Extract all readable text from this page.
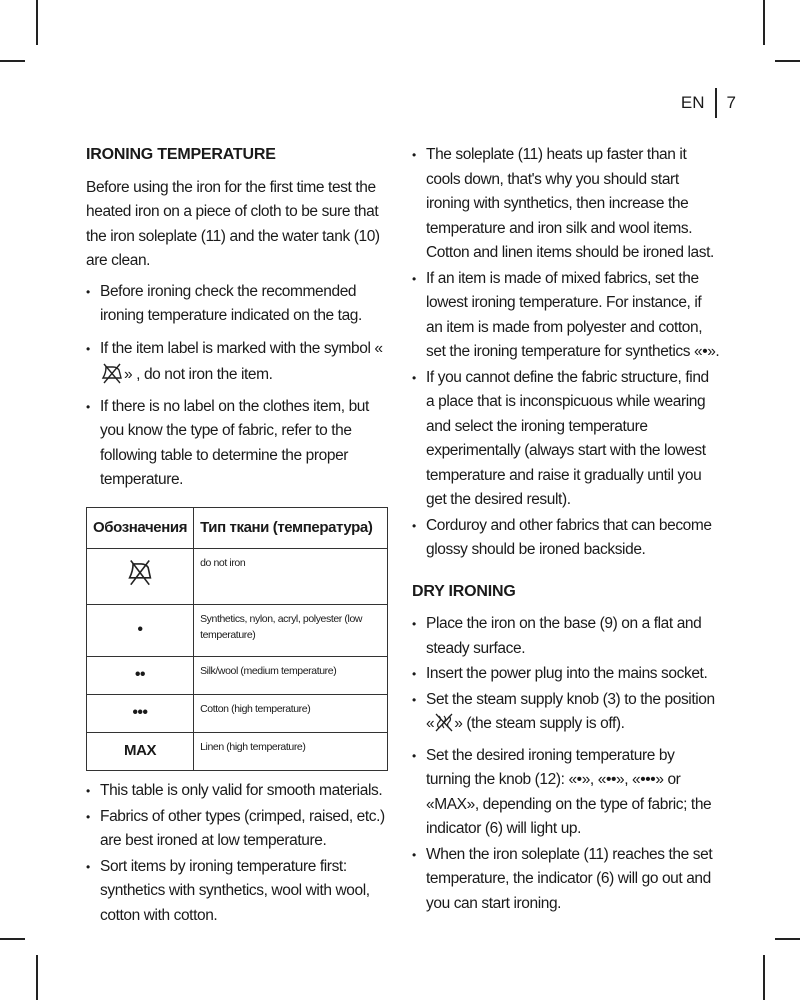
EN 7
IRONING TEMPERATURE

Before using the iron for the first time test the heated iron on a piece of cloth to be sure that the iron soleplate (11) and the water tank (10) are clean.

• Before ironing check the recommended ironing temperature indicated on the tag.
• If the item label is marked with the symbol «» , do not iron the item.
• If there is no label on the clothes item, but you know the type of fabric, refer to the following table to determine the proper temperature.
Обозначения	Тип ткани (температура)
	do not iron
•	Synthetics, nylon, acryl, polyester (low temperature)
••	Silk/wool (medium temperature)
•••	Cotton (high temperature)
MAX	Linen (high temperature)
• This table is only valid for smooth materials.
• Fabrics of other types (crimped, raised, etc.) are best ironed at low temperature.
• Sort items by ironing temperature first: synthetics with synthetics, wool with wool, cotton with cotton.
• The soleplate (11) heats up faster than it cools down, that's why you should start ironing with synthetics, then increase the temperature and iron silk and wool items. Cotton and linen items should be ironed last.
• If an item is made of mixed fabrics, set the lowest ironing temperature. For instance, if an item is made from polyester and cotton, set the ironing temperature for synthetics «•».
• If you cannot define the fabric structure, find a place that is inconspicuous while wearing and select the ironing temperature experimentally (always start with the lowest temperature and raise it gradually until you get the desired result).
• Corduroy and other fabrics that can become glossy should be ironed backside.
DRY IRONING
• Place the iron on the base (9) on a flat and steady surface.
• Insert the power plug into the mains socket.
• Set the steam supply knob (3) to the position « » (the steam supply is off).
• Set the desired ironing temperature by turning the knob (12): «•», «••», «•••» or «MAX», depending on the type of fabric; the indicator (6) will light up.
• When the iron soleplate (11) reaches the set temperature, the indicator (6) will go out and you can start ironing.
